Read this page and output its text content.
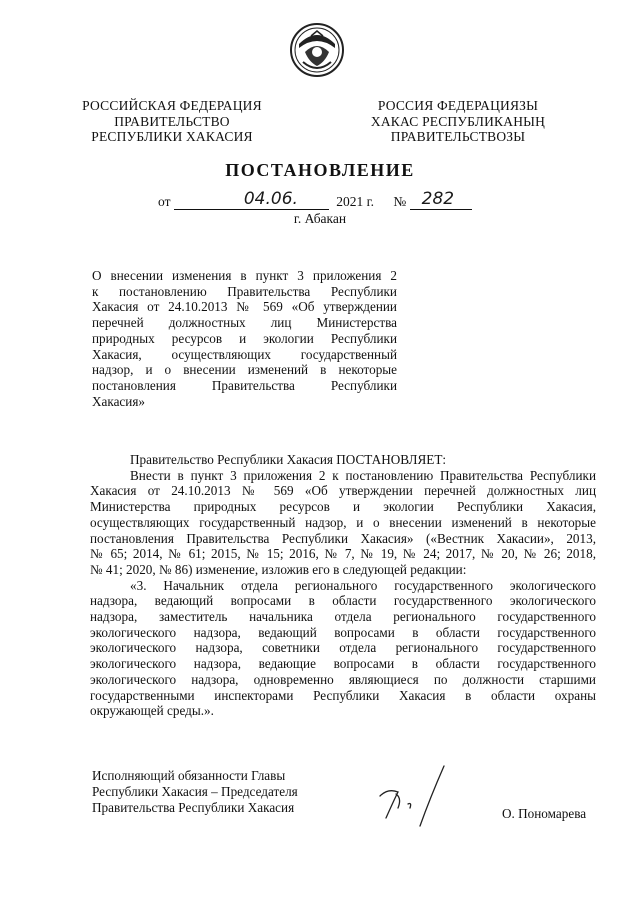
РОССИЙСКАЯ ФЕДЕРАЦИЯ
ПРАВИТЕЛЬСТВО
РЕСПУБЛИКИ ХАКАСИЯ
РОССИЯ ФЕДЕРАЦИЯЗЫ
ХАКАС РЕСПУБЛИКАНЫҢ
ПРАВИТЕЛЬСТВОЗЫ
ПОСТАНОВЛЕНИЕ
от	04.06.	2021 г. № 282
г. Абакан
О внесении изменения в пункт 3 приложения 2
к постановлению Правительства Республики
Хакасия от 24.10.2013 № 569 «Об утверждении
перечней должностных лиц Министерства
природных ресурсов и экологии Республики
Хакасия, осуществляющих государственный
надзор, и о внесении изменений в некоторые
постановления Правительства Республики
Хакасия»
Правительство Республики Хакасия ПОСТАНОВЛЯЕТ:
Внести в пункт 3 приложения 2 к постановлению Правительства Республики
Хакасия от 24.10.2013 № 569 «Об утверждении перечней должностных лиц
Министерства природных ресурсов и экологии Республики Хакасия,
осуществляющих государственный надзор, и о внесении изменений в некоторые
постановления Правительства Республики Хакасия» («Вестник Хакасии», 2013,
№ 65; 2014, № 61; 2015, № 15; 2016, № 7, № 19, № 24; 2017, № 20, № 26; 2018,
№ 41; 2020, № 86) изменение, изложив его в следующей редакции:
«3. Начальник отдела регионального государственного экологического
надзора, ведающий вопросами в области государственного экологического
надзора, заместитель начальника отдела регионального государственного
экологического надзора, ведающий вопросами в области государственного
экологического надзора, советники отдела регионального государственного
экологического надзора, ведающие вопросами в области государственного
экологического надзора, одновременно являющиеся по должности старшими
государственными инспекторами Республики Хакасия в области охраны
окружающей среды.».
Исполняющий обязанности Главы
Республики Хакасия – Председателя
Правительства Республики Хакасия	О. Пономарева
